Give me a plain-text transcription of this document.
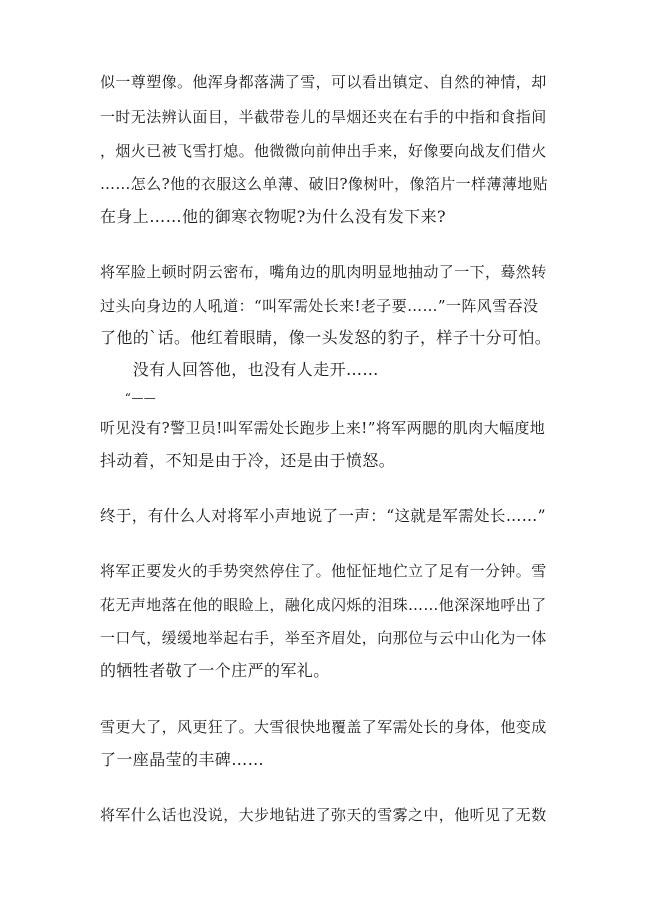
似一尊塑像。他浑身都落满了雪，可以看出镇定、自然的神情，却
一时无法辨认面目，半截带卷儿的旱烟还夹在右手的中指和食指间
，烟火已被飞雪打熄。他微微向前伸出手来，好像要向战友们借火
……怎么?他的衣服这么单薄、破旧?像树叶，像箔片一样薄薄地贴
在身上……他的御寒衣物呢?为什么没有发下来?
将军脸上顿时阴云密布，嘴角边的肌肉明显地抽动了一下，蓦然转
过头向身边的人吼道：“叫军需处长来!老子要……”一阵风雪吞没
了他的`话。他红着眼睛，像一头发怒的豹子，样子十分可怕。
　　没有人回答他，也没有人走开……
　　“——
听见没有?警卫员!叫军需处长跑步上来!”将军两腮的肌肉大幅度地
抖动着，不知是由于冷，还是由于愤怒。
终于，有什么人对将军小声地说了一声：“这就是军需处长……”
将军正要发火的手势突然停住了。他怔怔地伫立了足有一分钟。雪
花无声地落在他的眼睑上，融化成闪烁的泪珠……他深深地呼出了
一口气，缓缓地举起右手，举至齐眉处，向那位与云中山化为一体
的牺牲者敬了一个庄严的军礼。
雪更大了，风更狂了。大雪很快地覆盖了军需处长的身体，他变成
了一座晶莹的丰碑……
将军什么话也没说，大步地钻进了弥天的雪雾之中，他听见了无数
